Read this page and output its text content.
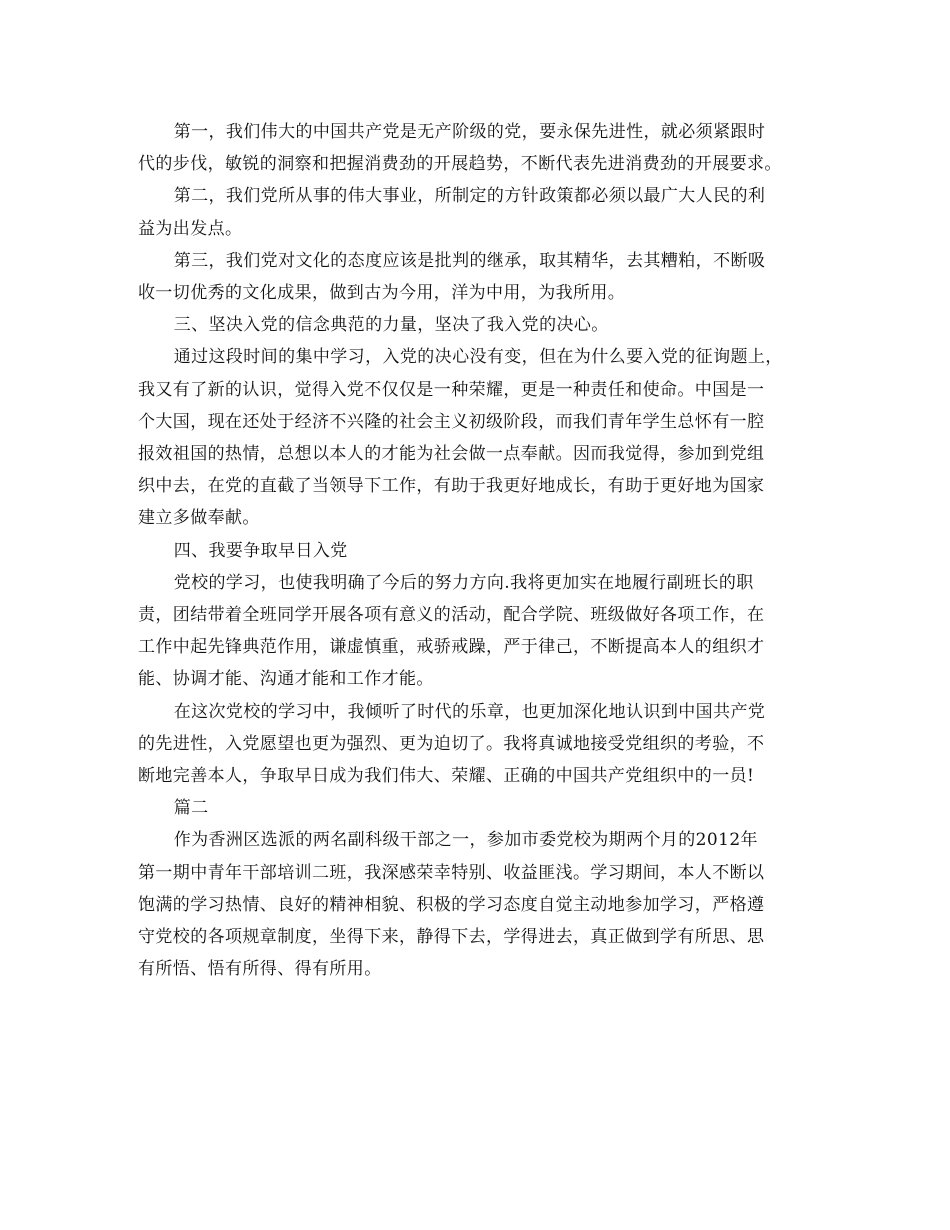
第一，我们伟大的中国共产党是无产阶级的党，要永保先进性，就必须紧跟时
代的步伐，敏锐的洞察和把握消费劲的开展趋势，不断代表先进消费劲的开展要求。

第二，我们党所从事的伟大事业，所制定的方针政策都必须以最广大人民的利
益为出发点。

第三，我们党对文化的态度应该是批判的继承，取其精华，去其糟粕，不断吸
收一切优秀的文化成果，做到古为今用，洋为中用，为我所用。

三、坚决入党的信念典范的力量，坚决了我入党的决心。

通过这段时间的集中学习，入党的决心没有变，但在为什么要入党的征询题上，
我又有了新的认识，觉得入党不仅仅是一种荣耀，更是一种责任和使命。中国是一
个大国，现在还处于经济不兴隆的社会主义初级阶段，而我们青年学生总怀有一腔
报效祖国的热情，总想以本人的才能为社会做一点奉献。因而我觉得，参加到党组
织中去，在党的直截了当领导下工作，有助于我更好地成长，有助于更好地为国家
建立多做奉献。

四、我要争取早日入党

党校的学习，也使我明确了今后的努力方向.我将更加实在地履行副班长的职
责，团结带着全班同学开展各项有意义的活动，配合学院、班级做好各项工作，在
工作中起先锋典范作用，谦虚慎重，戒骄戒躁，严于律己，不断提高本人的组织才
能、协调才能、沟通才能和工作才能。

在这次党校的学习中，我倾听了时代的乐章，也更加深化地认识到中国共产党
的先进性，入党愿望也更为强烈、更为迫切了。我将真诚地接受党组织的考验，不
断地完善本人，争取早日成为我们伟大、荣耀、正确的中国共产党组织中的一员!

篇二

作为香洲区选派的两名副科级干部之一，参加市委党校为期两个月的2012年
第一期中青年干部培训二班，我深感荣幸特别、收益匪浅。学习期间，本人不断以
饱满的学习热情、良好的精神相貌、积极的学习态度自觉主动地参加学习，严格遵
守党校的各项规章制度，坐得下来，静得下去，学得进去，真正做到学有所思、思
有所悟、悟有所得、得有所用。
